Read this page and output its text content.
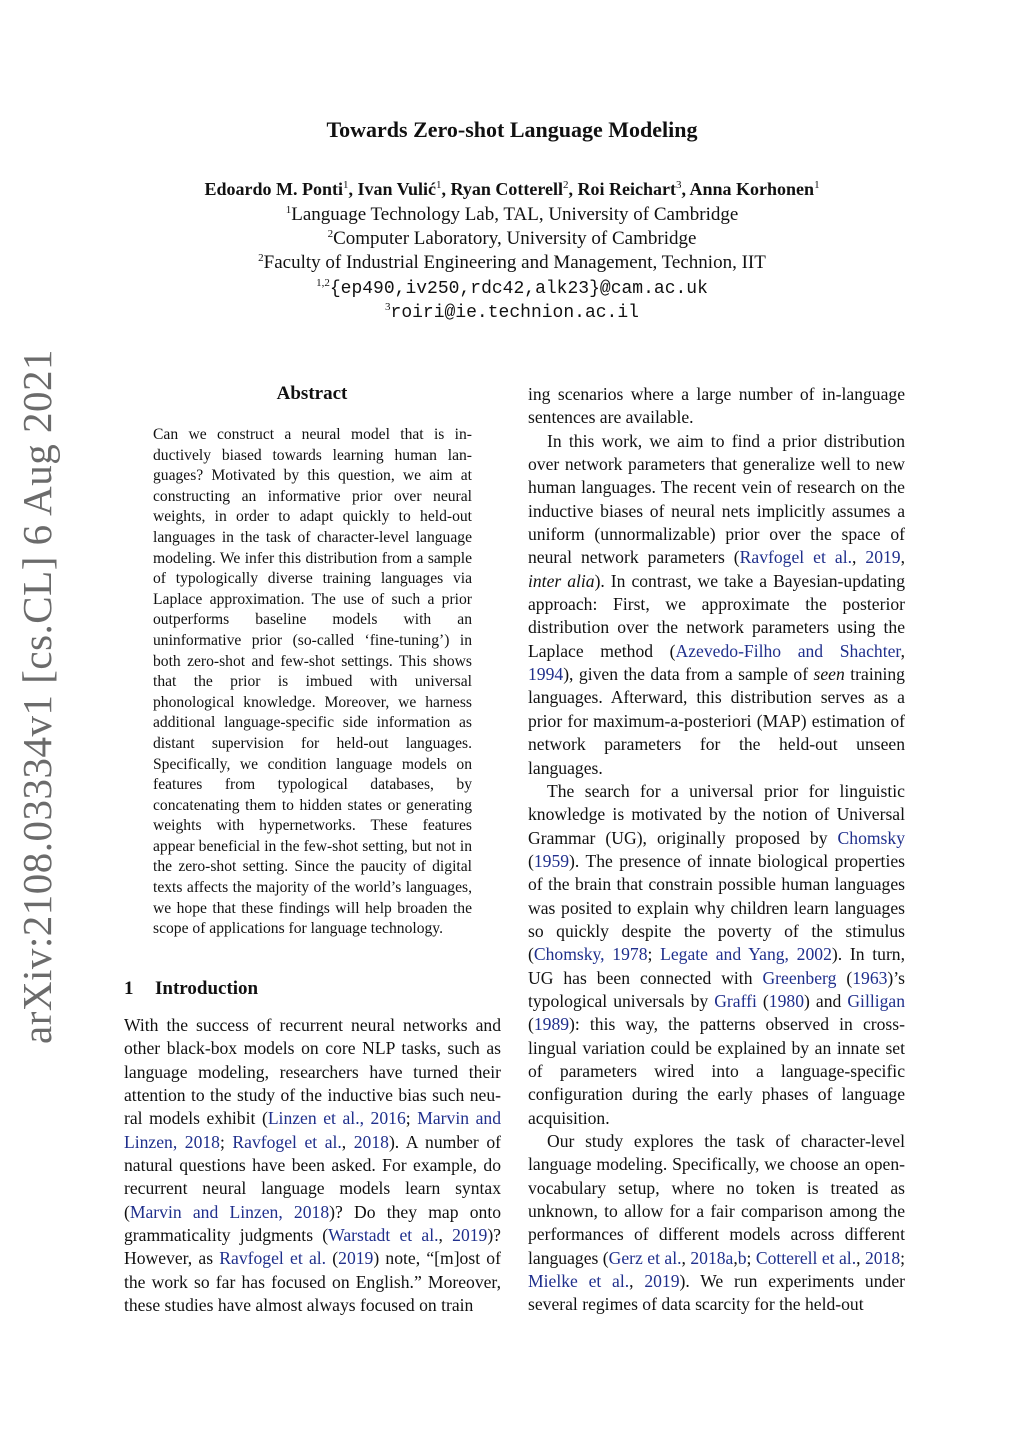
arXiv:2108.03334v1 [cs.CL] 6 Aug 2021
Towards Zero-shot Language Modeling
Edoardo M. Ponti$^1$, Ivan Vulić$^1$, Ryan Cotterell$^2$, Roi Reichart$^3$, Anna Korhonen$^1$
$^1$Language Technology Lab, TAL, University of Cambridge
$^2$Computer Laboratory, University of Cambridge
$^2$Faculty of Industrial Engineering and Management, Technion, IIT
$^{1,2}${ep490,iv250,rdc42,alk23}@cam.ac.uk
$^3$roiri@ie.technion.ac.il
Abstract
Can we construct a neural model that is inductively biased towards learning human languages? Motivated by this question, we aim at constructing an informative prior over neural weights, in order to adapt quickly to held-out languages in the task of character-level language modeling. We infer this distribution from a sample of typologically diverse training languages via Laplace approximation. The use of such a prior outperforms baseline models with an uninformative prior (so-called ‘fine-tuning’) in both zero-shot and few-shot settings. This shows that the prior is imbued with universal phonological knowledge. Moreover, we harness additional language-specific side information as distant supervision for held-out languages. Specifically, we condition language models on features from typological databases, by concatenating them to hidden states or generating weights with hypernetworks. These features appear beneficial in the few-shot setting, but not in the zero-shot setting. Since the paucity of digital texts affects the majority of the world’s languages, we hope that these findings will help broaden the scope of applications for language technology.
1 Introduction

With the success of recurrent neural networks and other black-box models on core NLP tasks, such as language modeling, researchers have turned their attention to the study of the inductive bias such neural models exhibit (Linzen et al., 2016; Marvin and Linzen, 2018; Ravfogel et al., 2018). A number of natural questions have been asked. For example, do recurrent neural language models learn syntax (Marvin and Linzen, 2018)? Do they map onto grammaticality judgments (Warstadt et al., 2019)? However, as Ravfogel et al. (2019) note, “[m]ost of the work so far has focused on English.” Moreover, these studies have almost always focused on train

ing scenarios where a large number of in-language sentences are available.

In this work, we aim to find a prior distribution over network parameters that generalize well to new human languages. The recent vein of research on the inductive biases of neural nets implicitly assumes a uniform (unnormalizable) prior over the space of neural network parameters (Ravfogel et al., 2019, inter alia). In contrast, we take a Bayesian-updating approach: First, we approximate the posterior distribution over the network parameters using the Laplace method (Azevedo-Filho and Shachter, 1994), given the data from a sample of seen training languages. Afterward, this distribution serves as a prior for maximum-a-posteriori (MAP) estimation of network parameters for the held-out unseen languages.

The search for a universal prior for linguistic knowledge is motivated by the notion of Universal Grammar (UG), originally proposed by Chomsky (1959). The presence of innate biological properties of the brain that constrain possible human languages was posited to explain why children learn languages so quickly despite the poverty of the stimulus (Chomsky, 1978; Legate and Yang, 2002). In turn, UG has been connected with Greenberg (1963)’s typological universals by Graffi (1980) and Gilligan (1989): this way, the patterns observed in cross-lingual variation could be explained by an innate set of parameters wired into a language-specific configuration during the early phases of language acquisition.

Our study explores the task of character-level language modeling. Specifically, we choose an open-vocabulary setup, where no token is treated as unknown, to allow for a fair comparison among the performances of different models across different languages (Gerz et al., 2018a,b; Cotterell et al., 2018; Mielke et al., 2019). We run experiments under several regimes of data scarcity for the held-out
